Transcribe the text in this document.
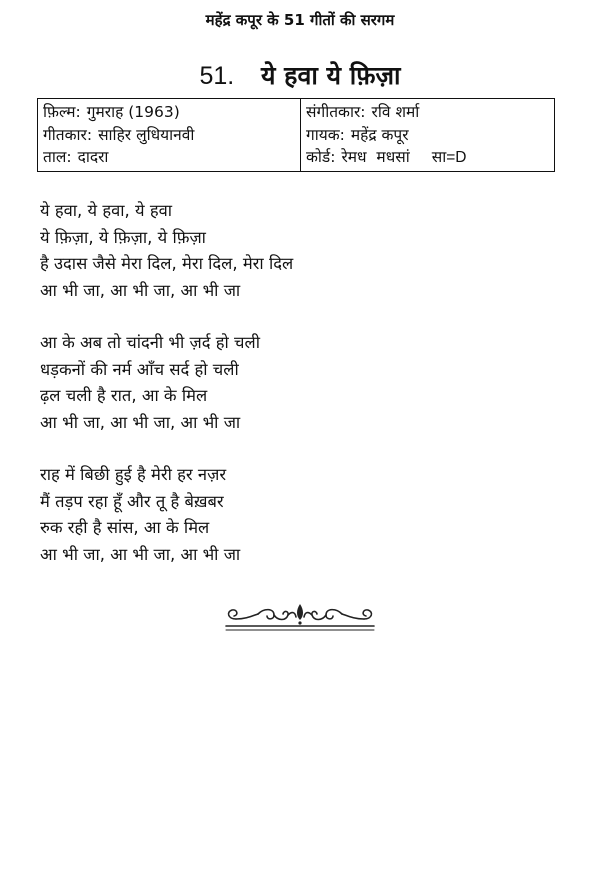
महेंद्र कपूर के 51 गीतों की सरगम
51. ये हवा ये फ़िज़ा
फ़िल्म: गुमराह (1963)
गीतकार: साहिर लुधियानवी
ताल: दादरा
संगीतकार: रवि शर्मा
गायक: महेंद्र कपूर
कोर्ड: रेमध  मधसां सा=D
ये हवा, ये हवा, ये हवा
ये फ़िज़ा, ये फ़िज़ा, ये फ़िज़ा
है उदास जैसे मेरा दिल, मेरा दिल, मेरा दिल
आ भी जा, आ भी जा, आ भी जा
आ के अब तो चांदनी भी ज़र्द हो चली
धड़कनों की नर्म आँच सर्द हो चली
ढ़ल चली है रात, आ के मिल
आ भी जा, आ भी जा, आ भी जा
राह में बिछी हुई है मेरी हर नज़र
मैं तड़प रहा हूँ और तू है बेख़बर
रुक रही है सांस, आ के मिल
आ भी जा, आ भी जा, आ भी जा
